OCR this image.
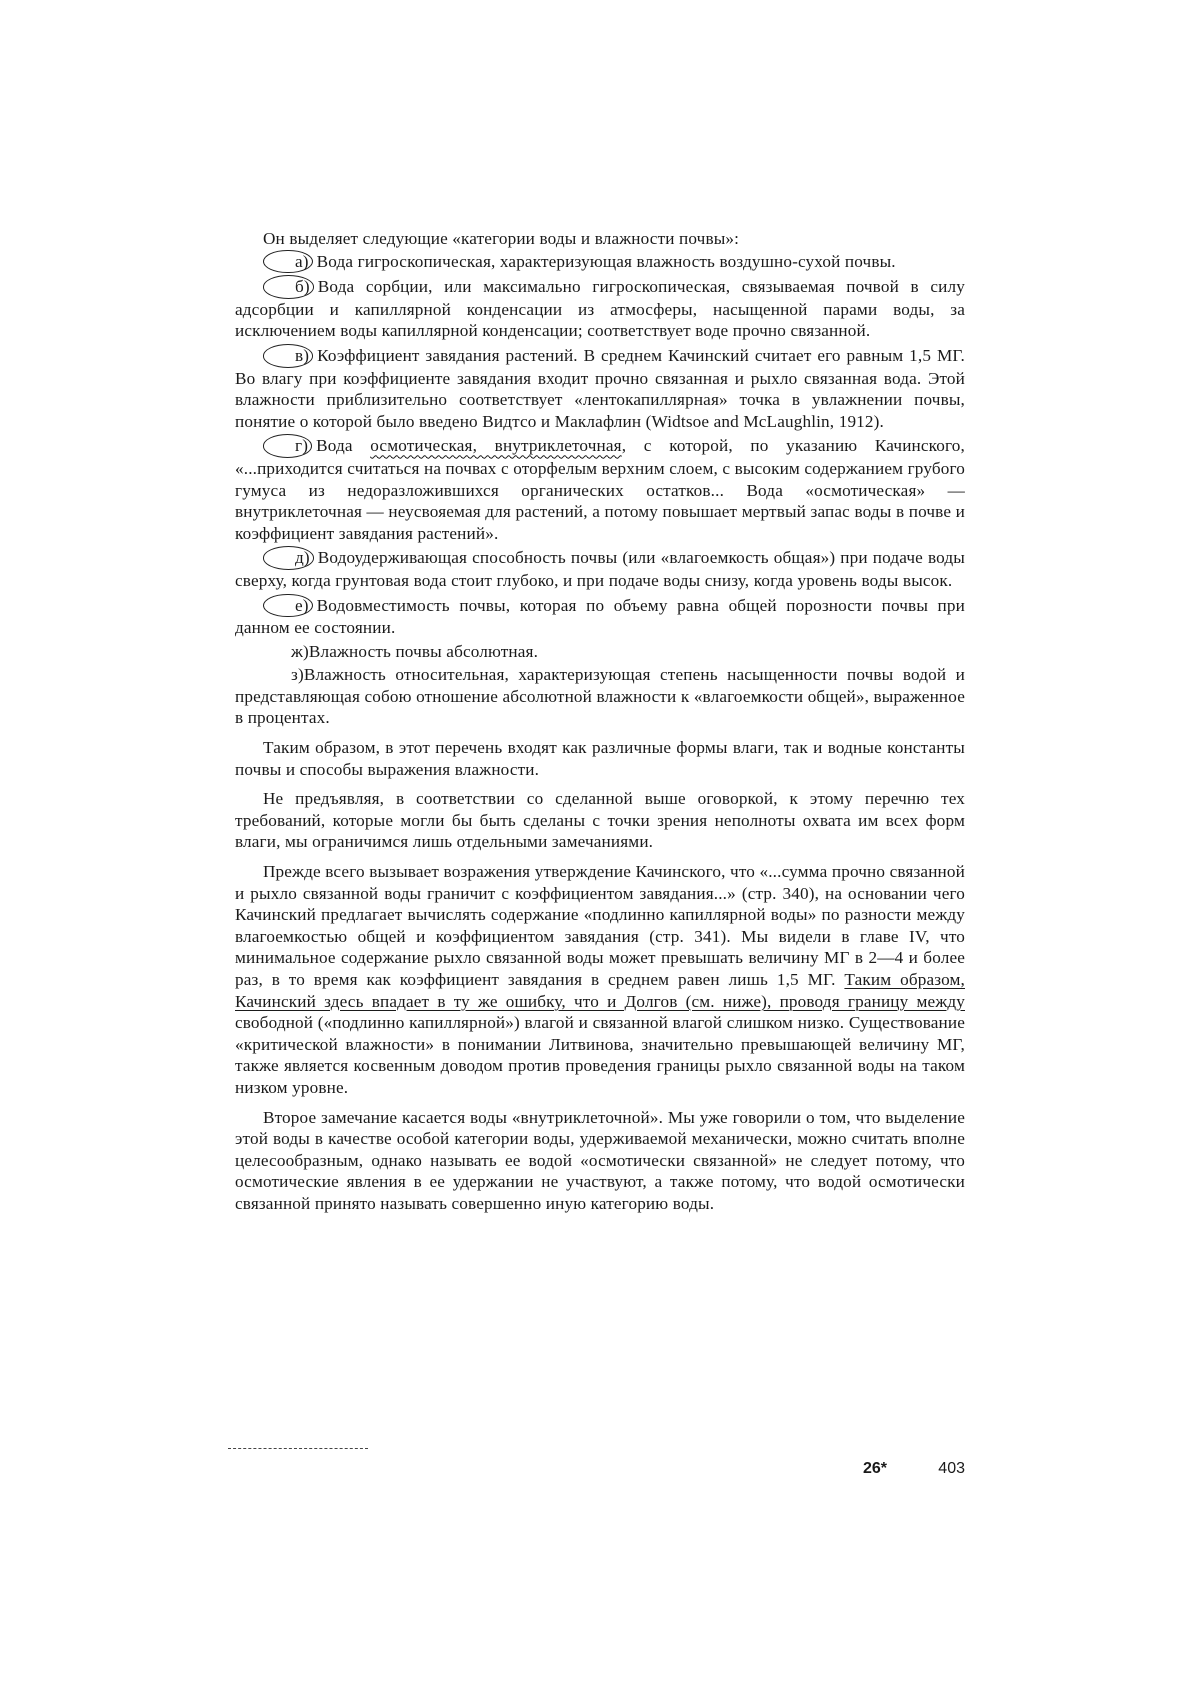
Он выделяет следующие «категории воды и влажности почвы»:

а) Вода гигроскопическая, характеризующая влажность воздушно-сухой почвы.

б) Вода сорбции, или максимально гигроскопическая, связываемая почвой в силу адсорбции и капиллярной конденсации из атмосферы, насыщенной парами воды, за исключением воды капиллярной конденсации; соответствует воде прочно связанной.

в) Коэффициент завядания растений. В среднем Качинский считает его равным 1,5 МГ. Во влагу при коэффициенте завядания входит прочно связанная и рыхло связанная вода. Этой влажности приблизительно соответствует «лентокапиллярная» точка в увлажнении почвы, понятие о которой было введено Видтсо и Маклафлин (Widtsoe and McLaughlin, 1912).

г) Вода осмотическая, внутриклеточная, с которой, по указанию Качинского, «...приходится считаться на почвах с оторфелым верхним слоем, с высоким содержанием грубого гумуса из недоразложившихся органических остатков... Вода «осмотическая» — внутриклеточная — неусвояемая для растений, а потому повышает мертвый запас воды в почве и коэффициент завядания растений».

д) Водоудерживающая способность почвы (или «влагоемкость общая») при подаче воды сверху, когда грунтовая вода стоит глубоко, и при подаче воды снизу, когда уровень воды высок.

е) Водовместимость почвы, которая по объему равна общей порозности почвы при данном ее состоянии.

ж)Влажность почвы абсолютная.

з)Влажность относительная, характеризующая степень насыщенности почвы водой и представляющая собою отношение абсолютной влажности к «влагоемкости общей», выраженное в процентах.

Таким образом, в этот перечень входят как различные формы влаги, так и водные константы почвы и способы выражения влажности.

Не предъявляя, в соответствии со сделанной выше оговоркой, к этому перечню тех требований, которые могли бы быть сделаны с точки зрения неполноты охвата им всех форм влаги, мы ограничимся лишь отдельными замечаниями.

Прежде всего вызывает возражения утверждение Качинского, что «...сумма прочно связанной и рыхло связанной воды граничит с коэффициентом завядания...» (стр. 340), на основании чего Качинский предлагает вычислять содержание «подлинно капиллярной воды» по разности между влагоемкостью общей и коэффициентом завядания (стр. 341). Мы видели в главе IV, что минимальное содержание рыхло связанной воды может превышать величину МГ в 2—4 и более раз, в то время как коэффициент завядания в среднем равен лишь 1,5 МГ. Таким образом, Качинский здесь впадает в ту же ошибку, что и Долгов (см. ниже), проводя границу между свободной («подлинно капиллярной») влагой и связанной влагой слишком низко. Существование «критической влажности» в понимании Литвинова, значительно превышающей величину МГ, также является косвенным доводом против проведения границы рыхло связанной воды на таком низком уровне.

Второе замечание касается воды «внутриклеточной». Мы уже говорили о том, что выделение этой воды в качестве особой категории воды, удерживаемой механически, можно считать вполне целесообразным, однако называть ее водой «осмотически связанной» не следует потому, что осмотические явления в ее удержании не участвуют, а также потому, что водой осмотически связанной принято называть совершенно иную категорию воды.

26*	403
